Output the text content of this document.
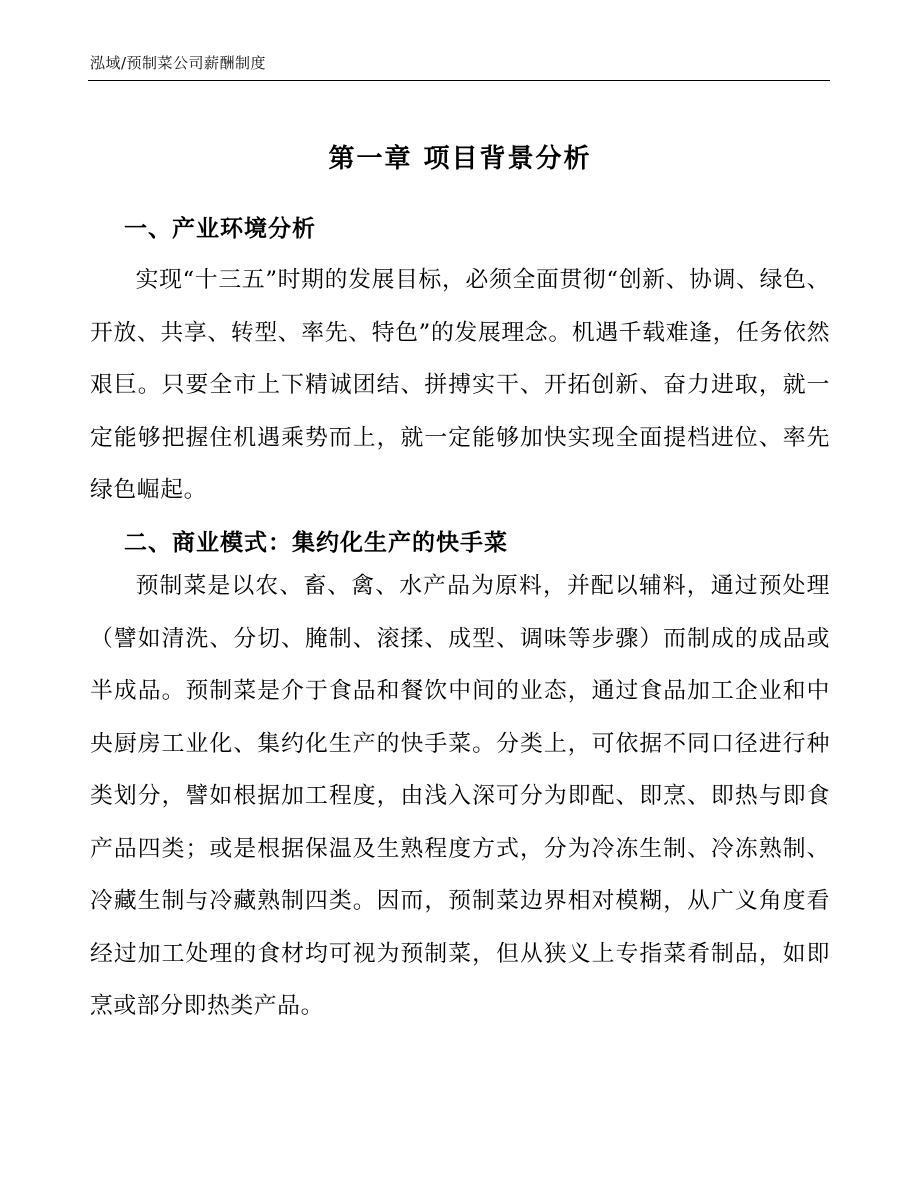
泓域/预制菜公司薪酬制度
第一章 项目背景分析
一、产业环境分析

实现“十三五”时期的发展目标，必须全面贯彻“创新、协调、绿色、开放、共享、转型、率先、特色”的发展理念。机遇千载难逢，任务依然艰巨。只要全市上下精诚团结、拼搏实干、开拓创新、奋力进取，就一定能够把握住机遇乘势而上，就一定能够加快实现全面提档进位、率先绿色崛起。

二、商业模式：集约化生产的快手菜

预制菜是以农、畜、禽、水产品为原料，并配以辅料，通过预处理（譬如清洗、分切、腌制、滚揉、成型、调味等步骤）而制成的成品或半成品。预制菜是介于食品和餐饮中间的业态，通过食品加工企业和中央厨房工业化、集约化生产的快手菜。分类上，可依据不同口径进行种类划分，譬如根据加工程度，由浅入深可分为即配、即烹、即热与即食产品四类；或是根据保温及生熟程度方式，分为冷冻生制、冷冻熟制、冷藏生制与冷藏熟制四类。因而，预制菜边界相对模糊，从广义角度看经过加工处理的食材均可视为预制菜，但从狭义上专指菜肴制品，如即烹或部分即热类产品。
